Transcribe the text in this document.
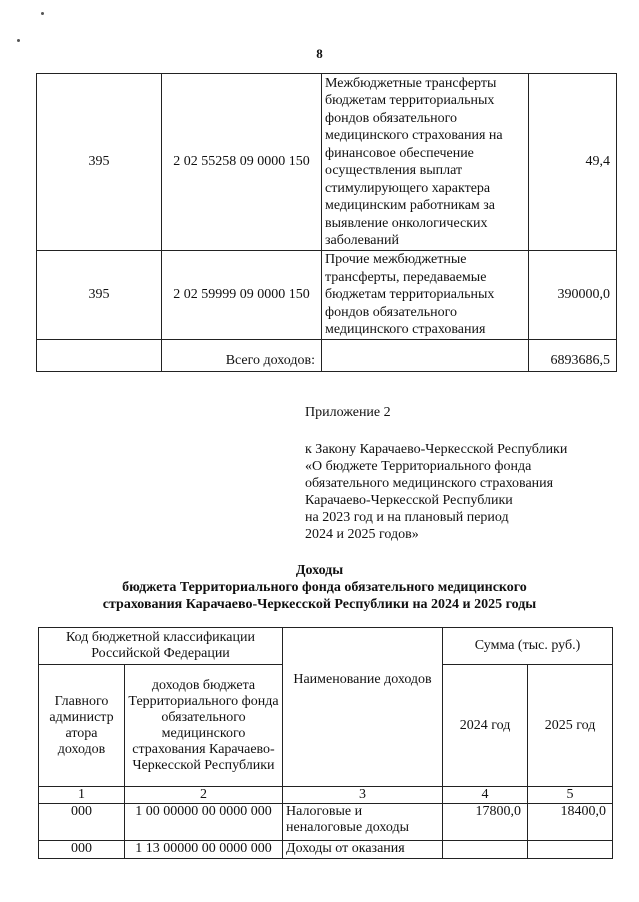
8
395	2 02 55258 09 0000 150	Межбюджетные трансферты бюджетам территориальных фондов обязательного медицинского страхования на финансовое обеспечение осуществления выплат стимулирующего характера медицинским работникам за выявление онкологических заболеваний	49,4
395	2 02 59999 09 0000 150	Прочие межбюджетные трансферты, передаваемые бюджетам территориальных фондов обязательного медицинского страхования	390000,0
	Всего доходов:		6893686,5
Приложение 2
к Закону Карачаево-Черкесской Республики
«О бюджете Территориального фонда
обязательного медицинского страхования
Карачаево-Черкесской Республики
на 2023 год и на плановый период
2024 и 2025 годов»
Доходы
бюджета Территориального фонда обязательного медицинского
страхования Карачаево-Черкесской Республики на 2024 и 2025 годы
Код бюджетной классификации Российской Федерации		Наименование доходов	Сумма (тыс. руб.)	
Главного администр атора доходов	доходов бюджета Территориального фонда обязательного медицинского страхования Карачаево-Черкесской Республики		2024 год	2025 год
1	2	3	4	5
000	1 00 00000 00 0000 000	Налоговые и неналоговые доходы	17800,0	18400,0
000	1 13 00000 00 0000 000	Доходы от оказания		
